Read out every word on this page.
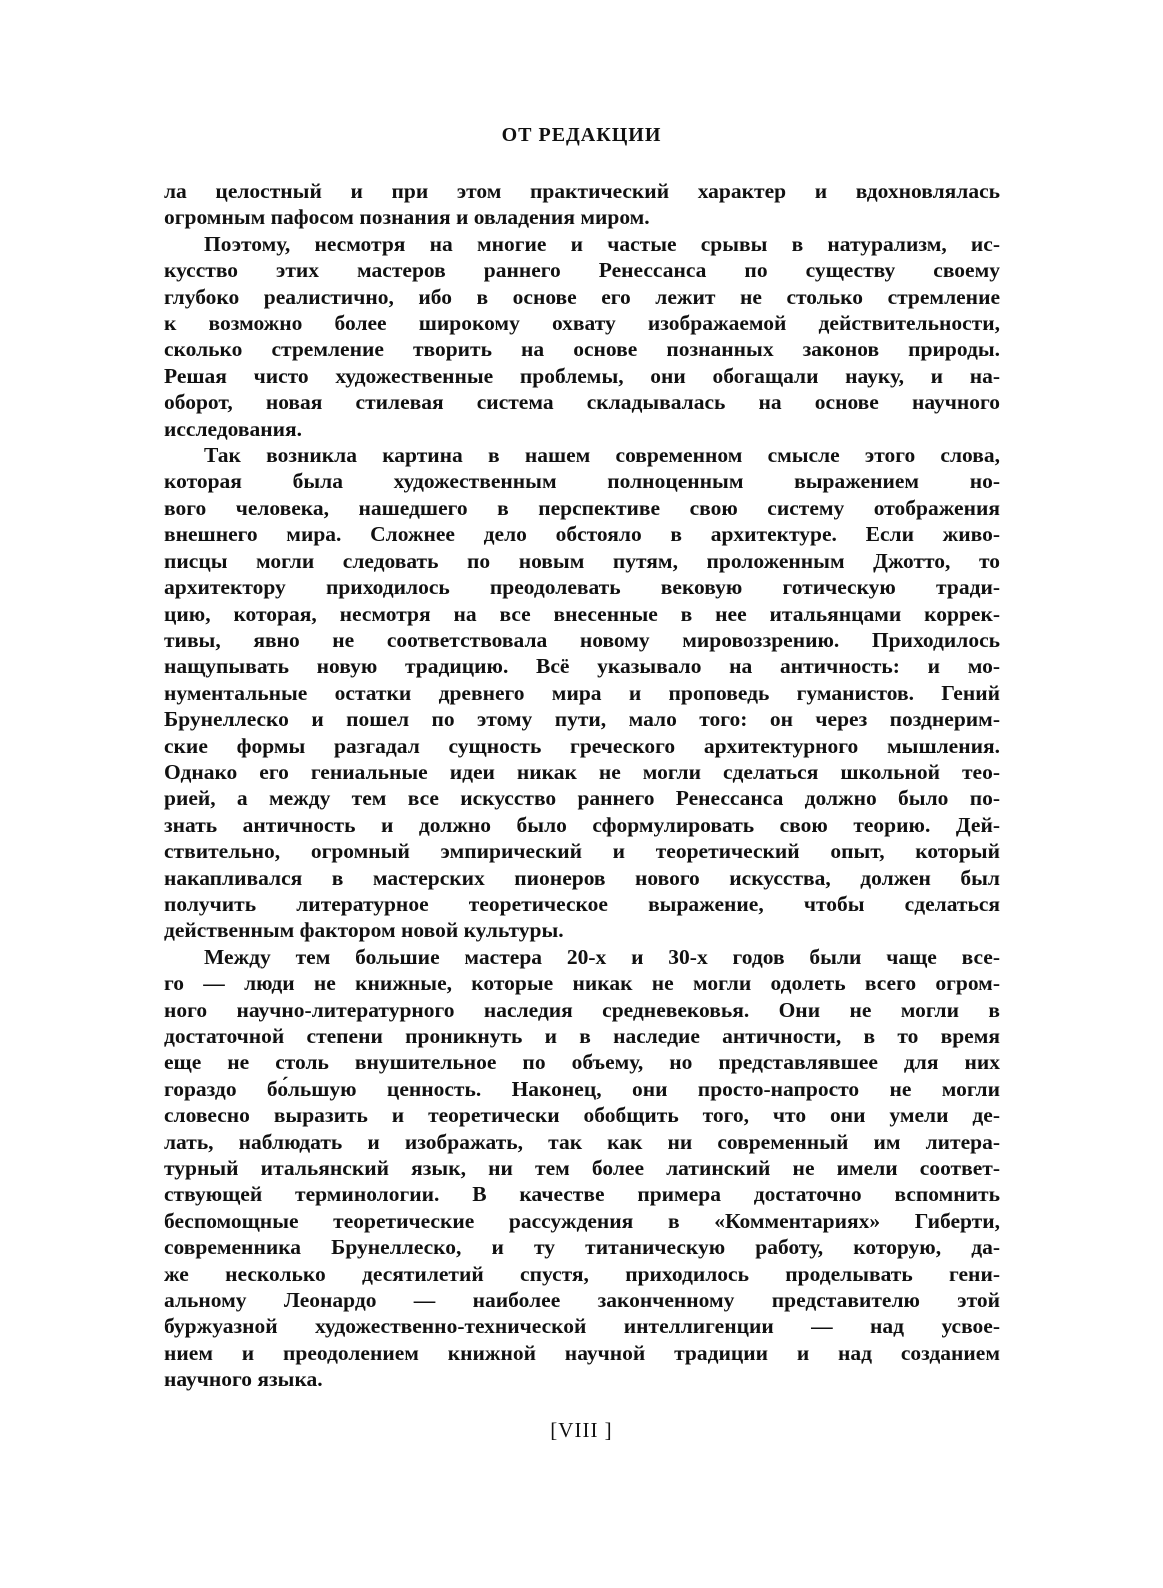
ОТ РЕДАКЦИИ

ла целостный и при этом практический характер и вдохновлялась
огромным пафосом познания и овладения миром.

Поэтому, несмотря на многие и частые срывы в натурализм, ис-
кусство этих мастеров раннего Ренессанса по существу своему
глубоко реалистично, ибо в основе его лежит не столько стремление
к возможно более широкому охвату изображаемой действительности,
сколько стремление творить на основе познанных законов природы.
Решая чисто художественные проблемы, они обогащали науку, и на-
оборот, новая стилевая система складывалась на основе научного
исследования.

Так возникла картина в нашем современном смысле этого слова,
которая была художественным полноценным выражением но-
вого человека, нашедшего в перспективе свою систему отображения
внешнего мира. Сложнее дело обстояло в архитектуре. Если живо-
писцы могли следовать по новым путям, проложенным Джотто, то
архитектору приходилось преодолевать вековую готическую тради-
цию, которая, несмотря на все внесенные в нее итальянцами коррек-
тивы, явно не соответствовала новому мировоззрению. Приходилось
нащупывать новую традицию. Всё указывало на античность: и мо-
нументальные остатки древнего мира и проповедь гуманистов. Гений
Брунеллеско и пошел по этому пути, мало того: он через позднерим-
ские формы разгадал сущность греческого архитектурного мышления.
Однако его гениальные идеи никак не могли сделаться школьной тео-
рией, а между тем все искусство раннего Ренессанса должно было по-
знать античность и должно было сформулировать свою теорию. Дей-
ствительно, огромный эмпирический и теоретический опыт, который
накапливался в мастерских пионеров нового искусства, должен был
получить литературное теоретическое выражение, чтобы сделаться
действенным фактором новой культуры.

Между тем большие мастера 20-х и 30-х годов были чаще все-
го — люди не книжные, которые никак не могли одолеть всего огром-
ного научно-литературного наследия средневековья. Они не могли в
достаточной степени проникнуть и в наследие античности, в то время
еще не столь внушительное по объему, но представлявшее для них
гораздо бо́льшую ценность. Наконец, они просто-напросто не могли
словесно выразить и теоретически обобщить того, что они умели де-
лать, наблюдать и изображать, так как ни современный им литера-
турный итальянский язык, ни тем более латинский не имели соответ-
ствующей терминологии. В качестве примера достаточно вспомнить
беспомощные теоретические рассуждения в «Комментариях» Гиберти,
современника Брунеллеско, и ту титаническую работу, которую, да-
же несколько десятилетий спустя, приходилось проделывать гени-
альному Леонардо — наиболее законченному представителю этой
буржуазной художественно-технической интеллигенции — над усвое-
нием и преодолением книжной научной традиции и над созданием
научного языка.

[VIII ]
